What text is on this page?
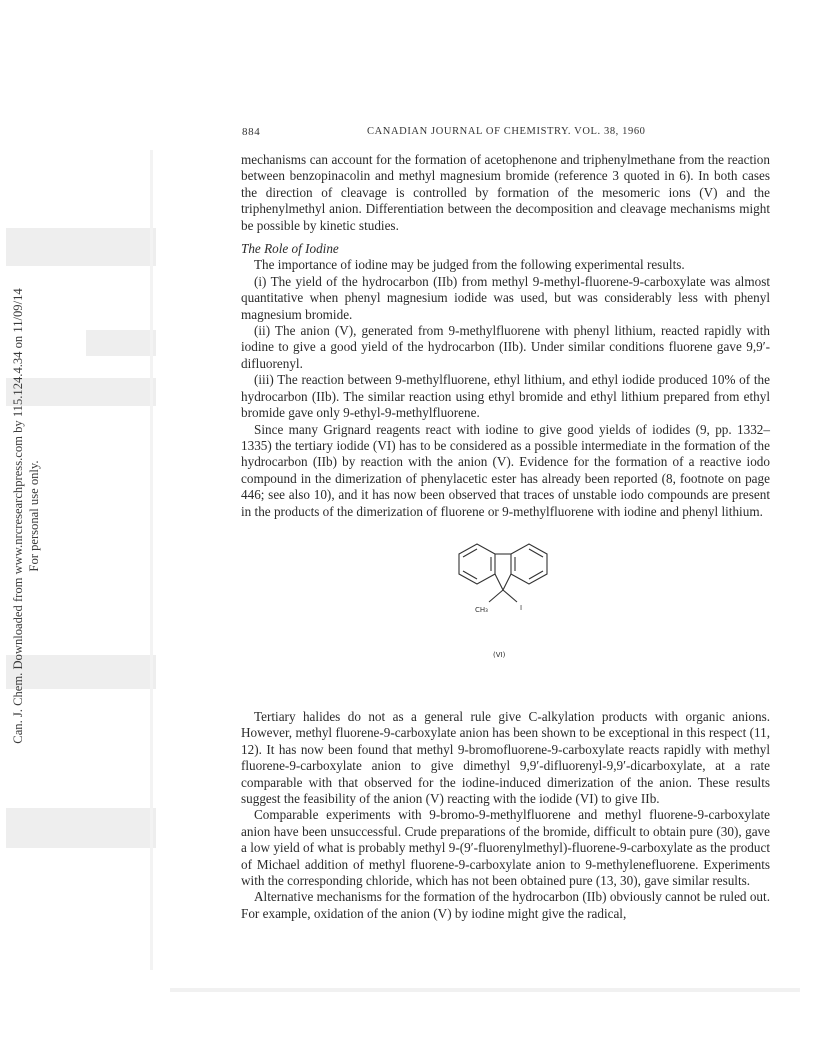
Can. J. Chem. Downloaded from www.nrcresearchpress.com by 115.124.4.34 on 11/09/14 For personal use only.
884	CANADIAN JOURNAL OF CHEMISTRY. VOL. 38, 1960

mechanisms can account for the formation of acetophenone and triphenylmethane from the reaction between benzopinacolin and methyl magnesium bromide (reference 3 quoted in 6). In both cases the direction of cleavage is controlled by formation of the mesomeric ions (V) and the triphenylmethyl anion. Differentiation between the decomposition and cleavage mechanisms might be possible by kinetic studies.

The Role of Iodine

The importance of iodine may be judged from the following experimental results.

(i) The yield of the hydrocarbon (IIb) from methyl 9-methyl-fluorene-9-carboxylate was almost quantitative when phenyl magnesium iodide was used, but was considerably less with phenyl magnesium bromide.

(ii) The anion (V), generated from 9-methylfluorene with phenyl lithium, reacted rapidly with iodine to give a good yield of the hydrocarbon (IIb). Under similar conditions fluorene gave 9,9′-difluorenyl.

(iii) The reaction between 9-methylfluorene, ethyl lithium, and ethyl iodide produced 10% of the hydrocarbon (IIb). The similar reaction using ethyl bromide and ethyl lithium prepared from ethyl bromide gave only 9-ethyl-9-methylfluorene.

Since many Grignard reagents react with iodine to give good yields of iodides (9, pp. 1332–1335) the tertiary iodide (VI) has to be considered as a possible intermediate in the formation of the hydrocarbon (IIb) by reaction with the anion (V). Evidence for the formation of a reactive iodo compound in the dimerization of phenylacetic ester has already been reported (8, footnote on page 446; see also 10), and it has now been observed that traces of unstable iodo compounds are present in the products of the dimerization of fluorene or 9-methylfluorene with iodine and phenyl lithium.

CH₃	I
(VI)

Tertiary halides do not as a general rule give C-alkylation products with organic anions. However, methyl fluorene-9-carboxylate anion has been shown to be exceptional in this respect (11, 12). It has now been found that methyl 9-bromofluorene-9-carboxylate reacts rapidly with methyl fluorene-9-carboxylate anion to give dimethyl 9,9′-difluorenyl-9,9′-dicarboxylate, at a rate comparable with that observed for the iodine-induced dimerization of the anion. These results suggest the feasibility of the anion (V) reacting with the iodide (VI) to give IIb.

Comparable experiments with 9-bromo-9-methylfluorene and methyl fluorene-9-carboxylate anion have been unsuccessful. Crude preparations of the bromide, difficult to obtain pure (30), gave a low yield of what is probably methyl 9-(9′-fluorenylmethyl)-fluorene-9-carboxylate as the product of Michael addition of methyl fluorene-9-carboxylate anion to 9-methylenefluorene. Experiments with the corresponding chloride, which has not been obtained pure (13, 30), gave similar results.

Alternative mechanisms for the formation of the hydrocarbon (IIb) obviously cannot be ruled out. For example, oxidation of the anion (V) by iodine might give the radical,
